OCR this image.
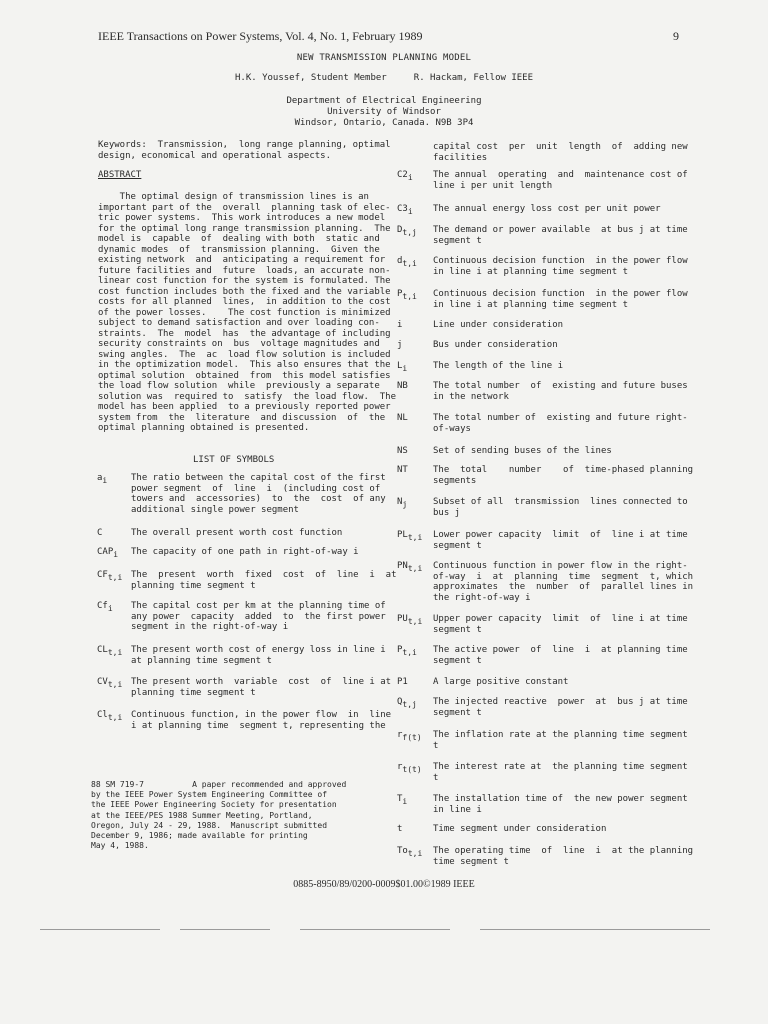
IEEE Transactions on Power Systems, Vol. 4, No. 1, February 1989	9
NEW TRANSMISSION PLANNING MODEL
H.K. Youssef, Student Member     R. Hackam, Fellow IEEE
Department of Electrical Engineering
University of Windsor
Windsor, Ontario, Canada. N9B 3P4
Keywords:  Transmission,  long range planning, optimal
design, economical and operational aspects.
ABSTRACT
The optimal design of transmission lines is an
important part of the  overall  planning task of elec-
tric power systems.  This work introduces a new model
for the optimal long range transmission planning.  The
model is  capable  of  dealing with both  static and
dynamic modes  of  transmission planning.  Given the
existing network  and  anticipating a requirement for
future facilities and  future  loads, an accurate non-
linear cost function for the system is formulated. The
cost function includes both the fixed and the variable
costs for all planned  lines,  in addition to the cost
of the power losses.    The cost function is minimized
subject to demand satisfaction and over loading con-
straints.  The  model  has  the advantage of including
security constraints on  bus  voltage magnitudes and
swing angles.  The  ac  load flow solution is included
in the optimization model.  This also ensures that the
optimal solution  obtained  from  this model satisfies
the load flow solution  while  previously a separate
solution was  required to  satisfy  the load flow.  The
model has been applied  to a previously reported power
system from  the  literature  and discussion  of  the
optimal planning obtained is presented.
LIST OF SYMBOLS
$a_i$	The ratio between the capital cost of the first
power segment  of  line  i  (including cost of
towers and  accessories)  to  the  cost  of any
additional single power segment
C	The overall present worth cost function
$CAP_i$ The capacity of one path in right-of-way i
$CF_{t,i}$ The  present  worth  fixed  cost  of  line  i  at
planning time segment t
$Cf_i$ The capital cost per km at the planning time of
any power  capacity  added  to  the first power
segment in the right-of-way i
$CL_{t,i}$ The present worth cost of energy loss in line i
at planning time segment t
$CV_{t,i}$ The present worth  variable  cost  of  line i at
planning time segment t
$Cl_{t,i}$ Continuous function, in the power flow  in  line
i at planning time  segment t, representing the
88 SM 719-7          A paper recommended and approved
by the IEEE Power System Engineering Committee of
the IEEE Power Engineering Society for presentation
at the IEEE/PES 1988 Summer Meeting, Portland,
Oregon, July 24 - 29, 1988.  Manuscript submitted
December 9, 1986; made available for printing
May 4, 1988.
capital cost  per  unit  length  of  adding new
facilities
$C2_i$ The annual  operating  and  maintenance cost of
line i per unit length
$C3_i$ The annual energy loss cost per unit power
$D_{t,j}$ The demand or power available  at bus j at time
segment t
$d_{t,i}$ Continuous decision function  in the power flow
in line i at planning time segment t
$P_{t,i}$ Continuous decision function  in the power flow
in line i at planning time segment t
i	Line under consideration
j	Bus under consideration
$L_i$	The length of the line i
NB	The total number  of  existing and future buses
in the network
NL	The total number of  existing and future right-
of-ways
NS	Set of sending buses of the lines
NT	The  total    number    of  time-phased planning
segments
$N_j$	Subset of all  transmission  lines connected to
bus j
$PL_{t,i}$ Lower power capacity  limit  of  line i at time
segment t
$PN_{t,i}$ Continuous function in power flow in the right-
of-way  i  at  planning  time  segment  t, which
approximates  the  number  of  parallel lines in
the right-of-way i
$PU_{t,i}$ Upper power capacity  limit  of  line i at time
segment t
$P_{t,i}$ The active power  of  line  i  at planning time
segment t
P1	A large positive constant
$Q_{t,j}$ The injected reactive  power  at  bus j at time
segment t
$r_{f(t)}$ The inflation rate at the planning time segment
t
$r_{t(t)}$ The interest rate at  the planning time segment
t
$T_i$	The installation time of  the new power segment
in line i
t	Time segment under consideration
$To_{t,i}$ The operating time  of  line  i  at the planning
time segment t
0885-8950/89/0200-0009$01.00©1989 IEEE
